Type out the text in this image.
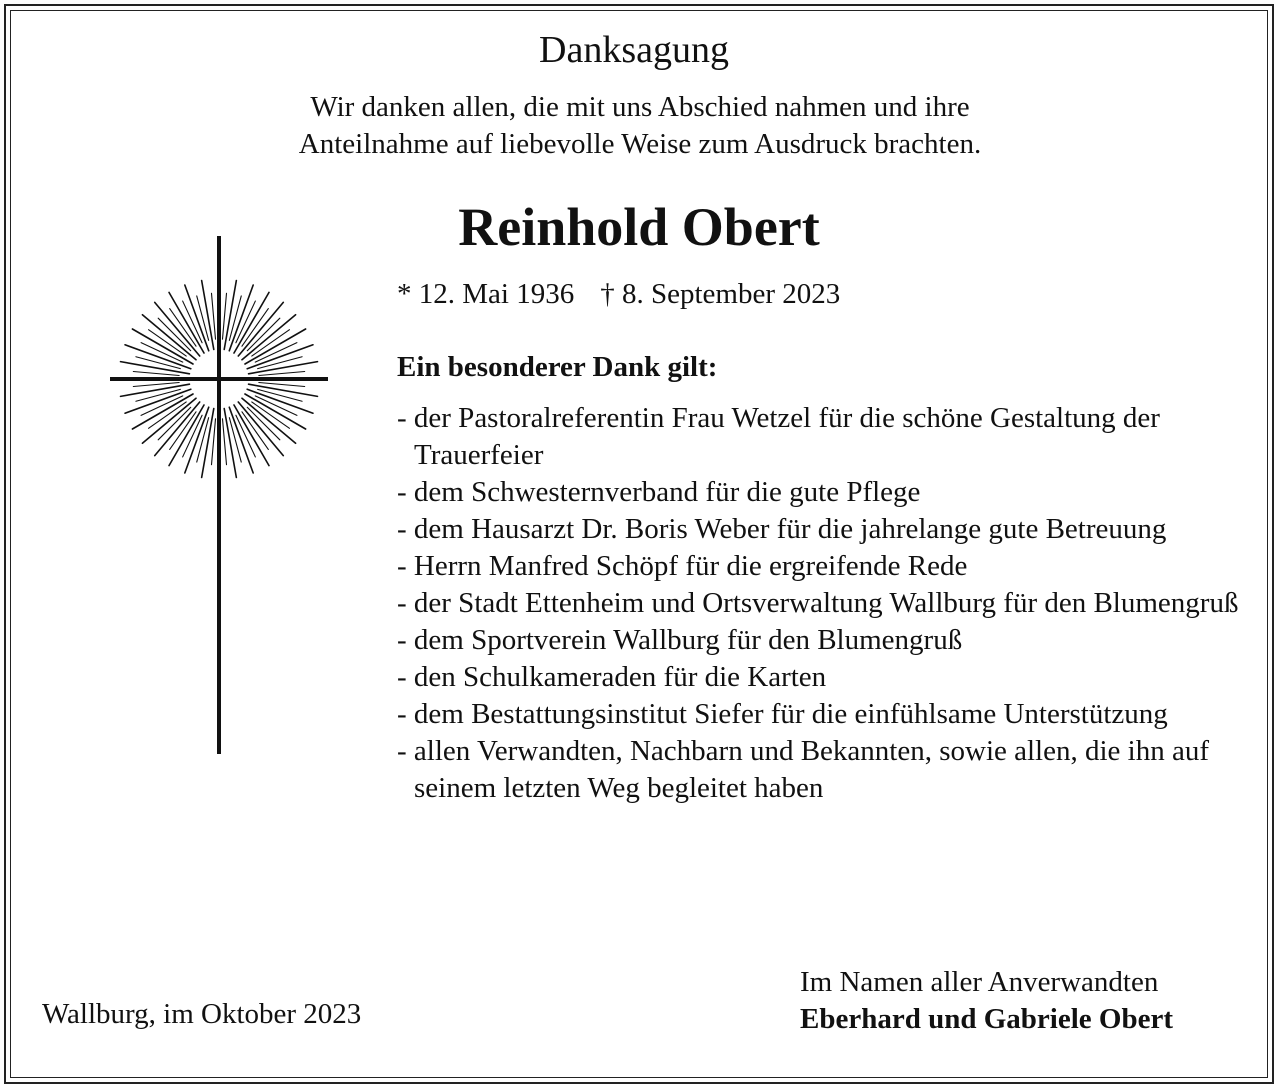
Danksagung
Wir danken allen, die mit uns Abschied nahmen und ihre
Anteilnahme auf liebevolle Weise zum Ausdruck brachten.
Reinhold Obert
* 12. Mai 1936 † 8. September 2023
Ein besonderer Dank gilt:
- der Pastoralreferentin Frau Wetzel für die schöne Gestaltung der Trauerfeier
- dem Schwesternverband für die gute Pflege
- dem Hausarzt Dr. Boris Weber für die jahrelange gute Betreuung
- Herrn Manfred Schöpf für die ergreifende Rede
- der Stadt Ettenheim und Ortsverwaltung Wallburg für den Blumengruß
- dem Sportverein Wallburg für den Blumengruß
- den Schulkameraden für die Karten
- dem Bestattungsinstitut Siefer für die einfühlsame Unterstützung
- allen Verwandten, Nachbarn und Bekannten, sowie allen, die ihn auf seinem letzten Weg begleitet haben
Wallburg, im Oktober 2023
Im Namen aller Anverwandten
Eberhard und Gabriele Obert
